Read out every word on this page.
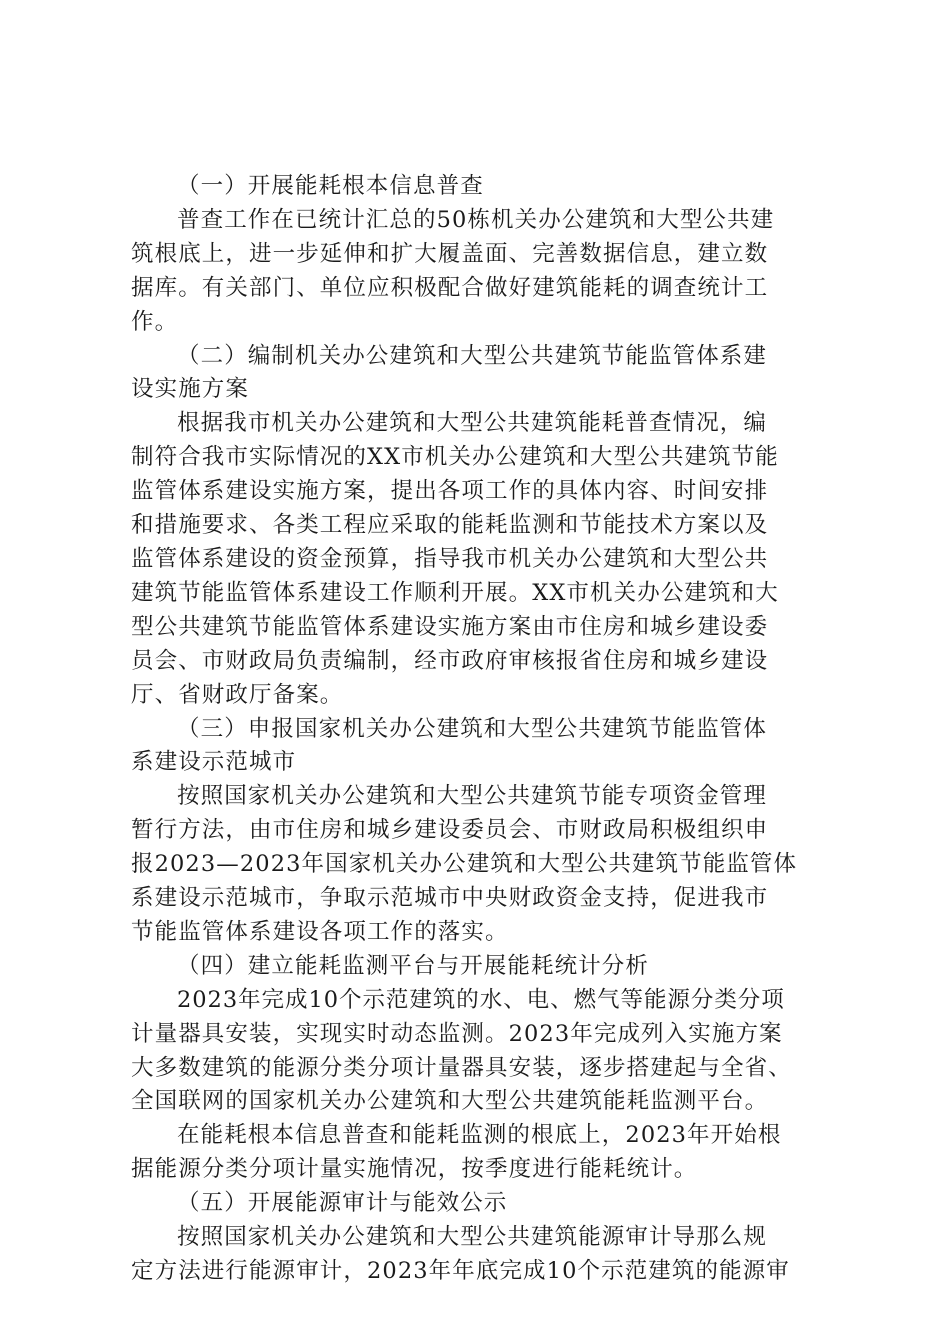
（一）开展能耗根本信息普查
普查工作在已统计汇总的50栋机关办公建筑和大型公共建
筑根底上，进一步延伸和扩大履盖面、完善数据信息，建立数
据库。有关部门、单位应积极配合做好建筑能耗的调查统计工
作。
（二）编制机关办公建筑和大型公共建筑节能监管体系建
设实施方案
根据我市机关办公建筑和大型公共建筑能耗普查情况，编
制符合我市实际情况的XX市机关办公建筑和大型公共建筑节能
监管体系建设实施方案，提出各项工作的具体内容、时间安排
和措施要求、各类工程应采取的能耗监测和节能技术方案以及
监管体系建设的资金预算，指导我市机关办公建筑和大型公共
建筑节能监管体系建设工作顺利开展。XX市机关办公建筑和大
型公共建筑节能监管体系建设实施方案由市住房和城乡建设委
员会、市财政局负责编制，经市政府审核报省住房和城乡建设
厅、省财政厅备案。
（三）申报国家机关办公建筑和大型公共建筑节能监管体
系建设示范城市
按照国家机关办公建筑和大型公共建筑节能专项资金管理
暂行方法，由市住房和城乡建设委员会、市财政局积极组织申
报2023—2023年国家机关办公建筑和大型公共建筑节能监管体
系建设示范城市，争取示范城市中央财政资金支持，促进我市
节能监管体系建设各项工作的落实。
（四）建立能耗监测平台与开展能耗统计分析
2023年完成10个示范建筑的水、电、燃气等能源分类分项
计量器具安装，实现实时动态监测。2023年完成列入实施方案
大多数建筑的能源分类分项计量器具安装，逐步搭建起与全省、
全国联网的国家机关办公建筑和大型公共建筑能耗监测平台。
在能耗根本信息普查和能耗监测的根底上，2023年开始根
据能源分类分项计量实施情况，按季度进行能耗统计。
（五）开展能源审计与能效公示
按照国家机关办公建筑和大型公共建筑能源审计导那么规
定方法进行能源审计，2023年年底完成10个示范建筑的能源审
